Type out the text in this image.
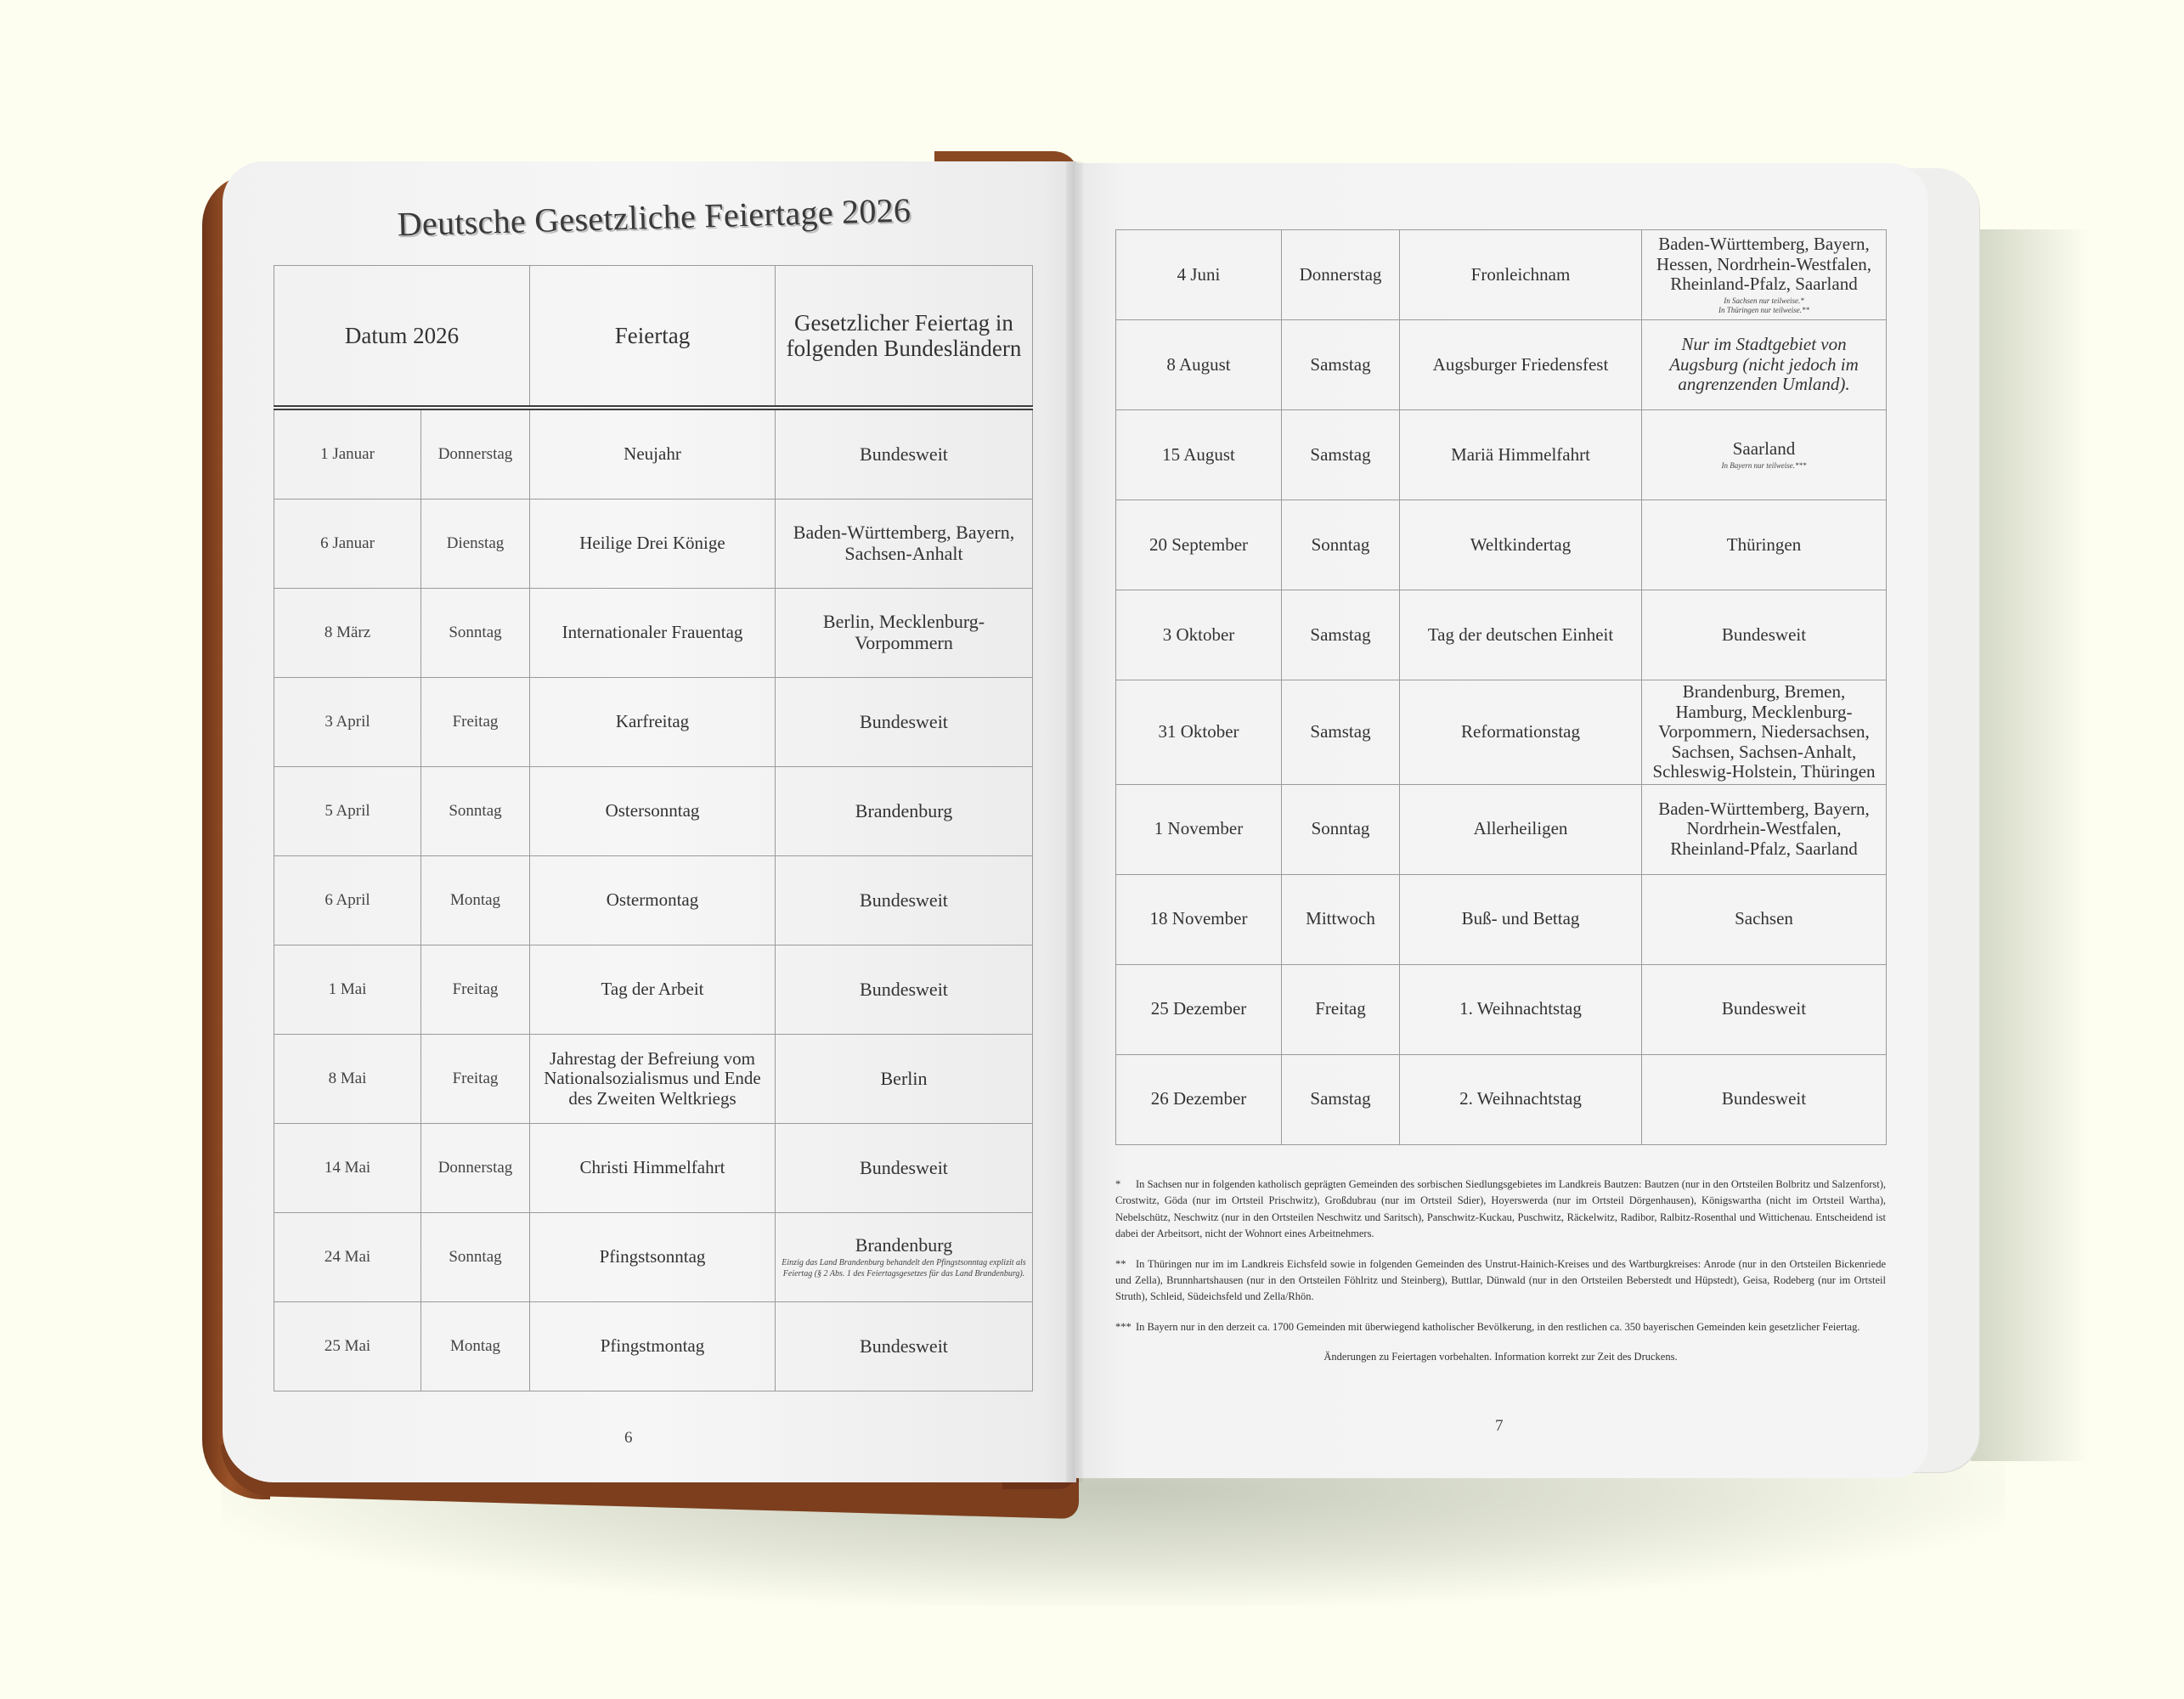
Deutsche Gesetzliche Feiertage 2026
Datum 2026		Feiertag	Gesetzlicher Feiertag in folgenden Bundesländern
1 Januar	Donnerstag	Neujahr	Bundesweit
6 Januar	Dienstag	Heilige Drei Könige	Baden-Württemberg, Bayern, Sachsen-Anhalt
8 März	Sonntag	Internationaler Frauentag	Berlin, Mecklenburg-Vorpommern
3 April	Freitag	Karfreitag	Bundesweit
5 April	Sonntag	Ostersonntag	Brandenburg
6 April	Montag	Ostermontag	Bundesweit
1 Mai	Freitag	Tag der Arbeit	Bundesweit
8 Mai	Freitag	Jahrestag der Befreiung vom Nationalsozialismus und Ende des Zweiten Weltkriegs	Berlin
14 Mai	Donnerstag	Christi Himmelfahrt	Bundesweit
24 Mai	Sonntag	Pfingstsonntag	Brandenburg
Einzig das Land Brandenburg behandelt den Pfingstsonntag explizit als Feiertag (§ 2 Abs. 1 des Feiertagsgesetzes für das Land Brandenburg).

25 Mai	Montag	Pfingstmontag	Bundesweit
6
4 Juni	Donnerstag	Fronleichnam	Baden-Württemberg, Bayern, Hessen, Nordrhein-Westfalen, Rheinland-Pfalz, Saarland
In Sachsen nur teilweise.*
In Thüringen nur teilweise.**

8 August	Samstag	Augsburger Friedensfest	Nur im Stadtgebiet von Augsburg (nicht jedoch im angrenzenden Umland).
15 August	Samstag	Mariä Himmelfahrt	Saarland
In Bayern nur teilweise.***

20 September	Sonntag	Weltkindertag	Thüringen
3 Oktober	Samstag	Tag der deutschen Einheit	Bundesweit
31 Oktober	Samstag	Reformationstag	Brandenburg, Bremen, Hamburg, Mecklenburg-Vorpommern, Niedersachsen, Sachsen, Sachsen-Anhalt, Schleswig-Holstein, Thüringen
1 November	Sonntag	Allerheiligen	Baden-Württemberg, Bayern, Nordrhein-Westfalen, Rheinland-Pfalz, Saarland
18 November	Mittwoch	Buß- und Bettag	Sachsen
25 Dezember	Freitag	1. Weihnachtstag	Bundesweit
26 Dezember	Samstag	2. Weihnachtstag	Bundesweit

* In Sachsen nur in folgenden katholisch geprägten Gemeinden des sorbischen Siedlungsgebietes im Landkreis Bautzen: Bautzen (nur in den Ortsteilen Bolbritz und Salzenforst), Crostwitz, Göda (nur im Ortsteil Prischwitz), Großdubrau (nur im Ortsteil Sdier), Hoyerswerda (nur im Ortsteil Dörgenhausen), Königswartha (nicht im Ortsteil Wartha), Nebelschütz, Neschwitz (nur in den Ortsteilen Neschwitz und Saritsch), Panschwitz-Kuckau, Puschwitz, Räckelwitz, Radibor, Ralbitz-Rosenthal und Wittichenau. Entscheidend ist dabei der Arbeitsort, nicht der Wohnort eines Arbeitnehmers.

** In Thüringen nur im im Landkreis Eichsfeld sowie in folgenden Gemeinden des Unstrut-Hainich-Kreises und des Wartburgkreises: Anrode (nur in den Ortsteilen Bickenriede und Zella), Brunnhartshausen (nur in den Ortsteilen Föhlritz und Steinberg), Buttlar, Dünwald (nur in den Ortsteilen Beberstedt und Hüpstedt), Geisa, Rodeberg (nur im Ortsteil Struth), Schleid, Südeichsfeld und Zella/Rhön.

*** In Bayern nur in den derzeit ca. 1700 Gemeinden mit überwiegend katholischer Bevölkerung, in den restlichen ca. 350 bayerischen Gemeinden kein gesetzlicher Feiertag.

Änderungen zu Feiertagen vorbehalten. Information korrekt zur Zeit des Druckens.

7
